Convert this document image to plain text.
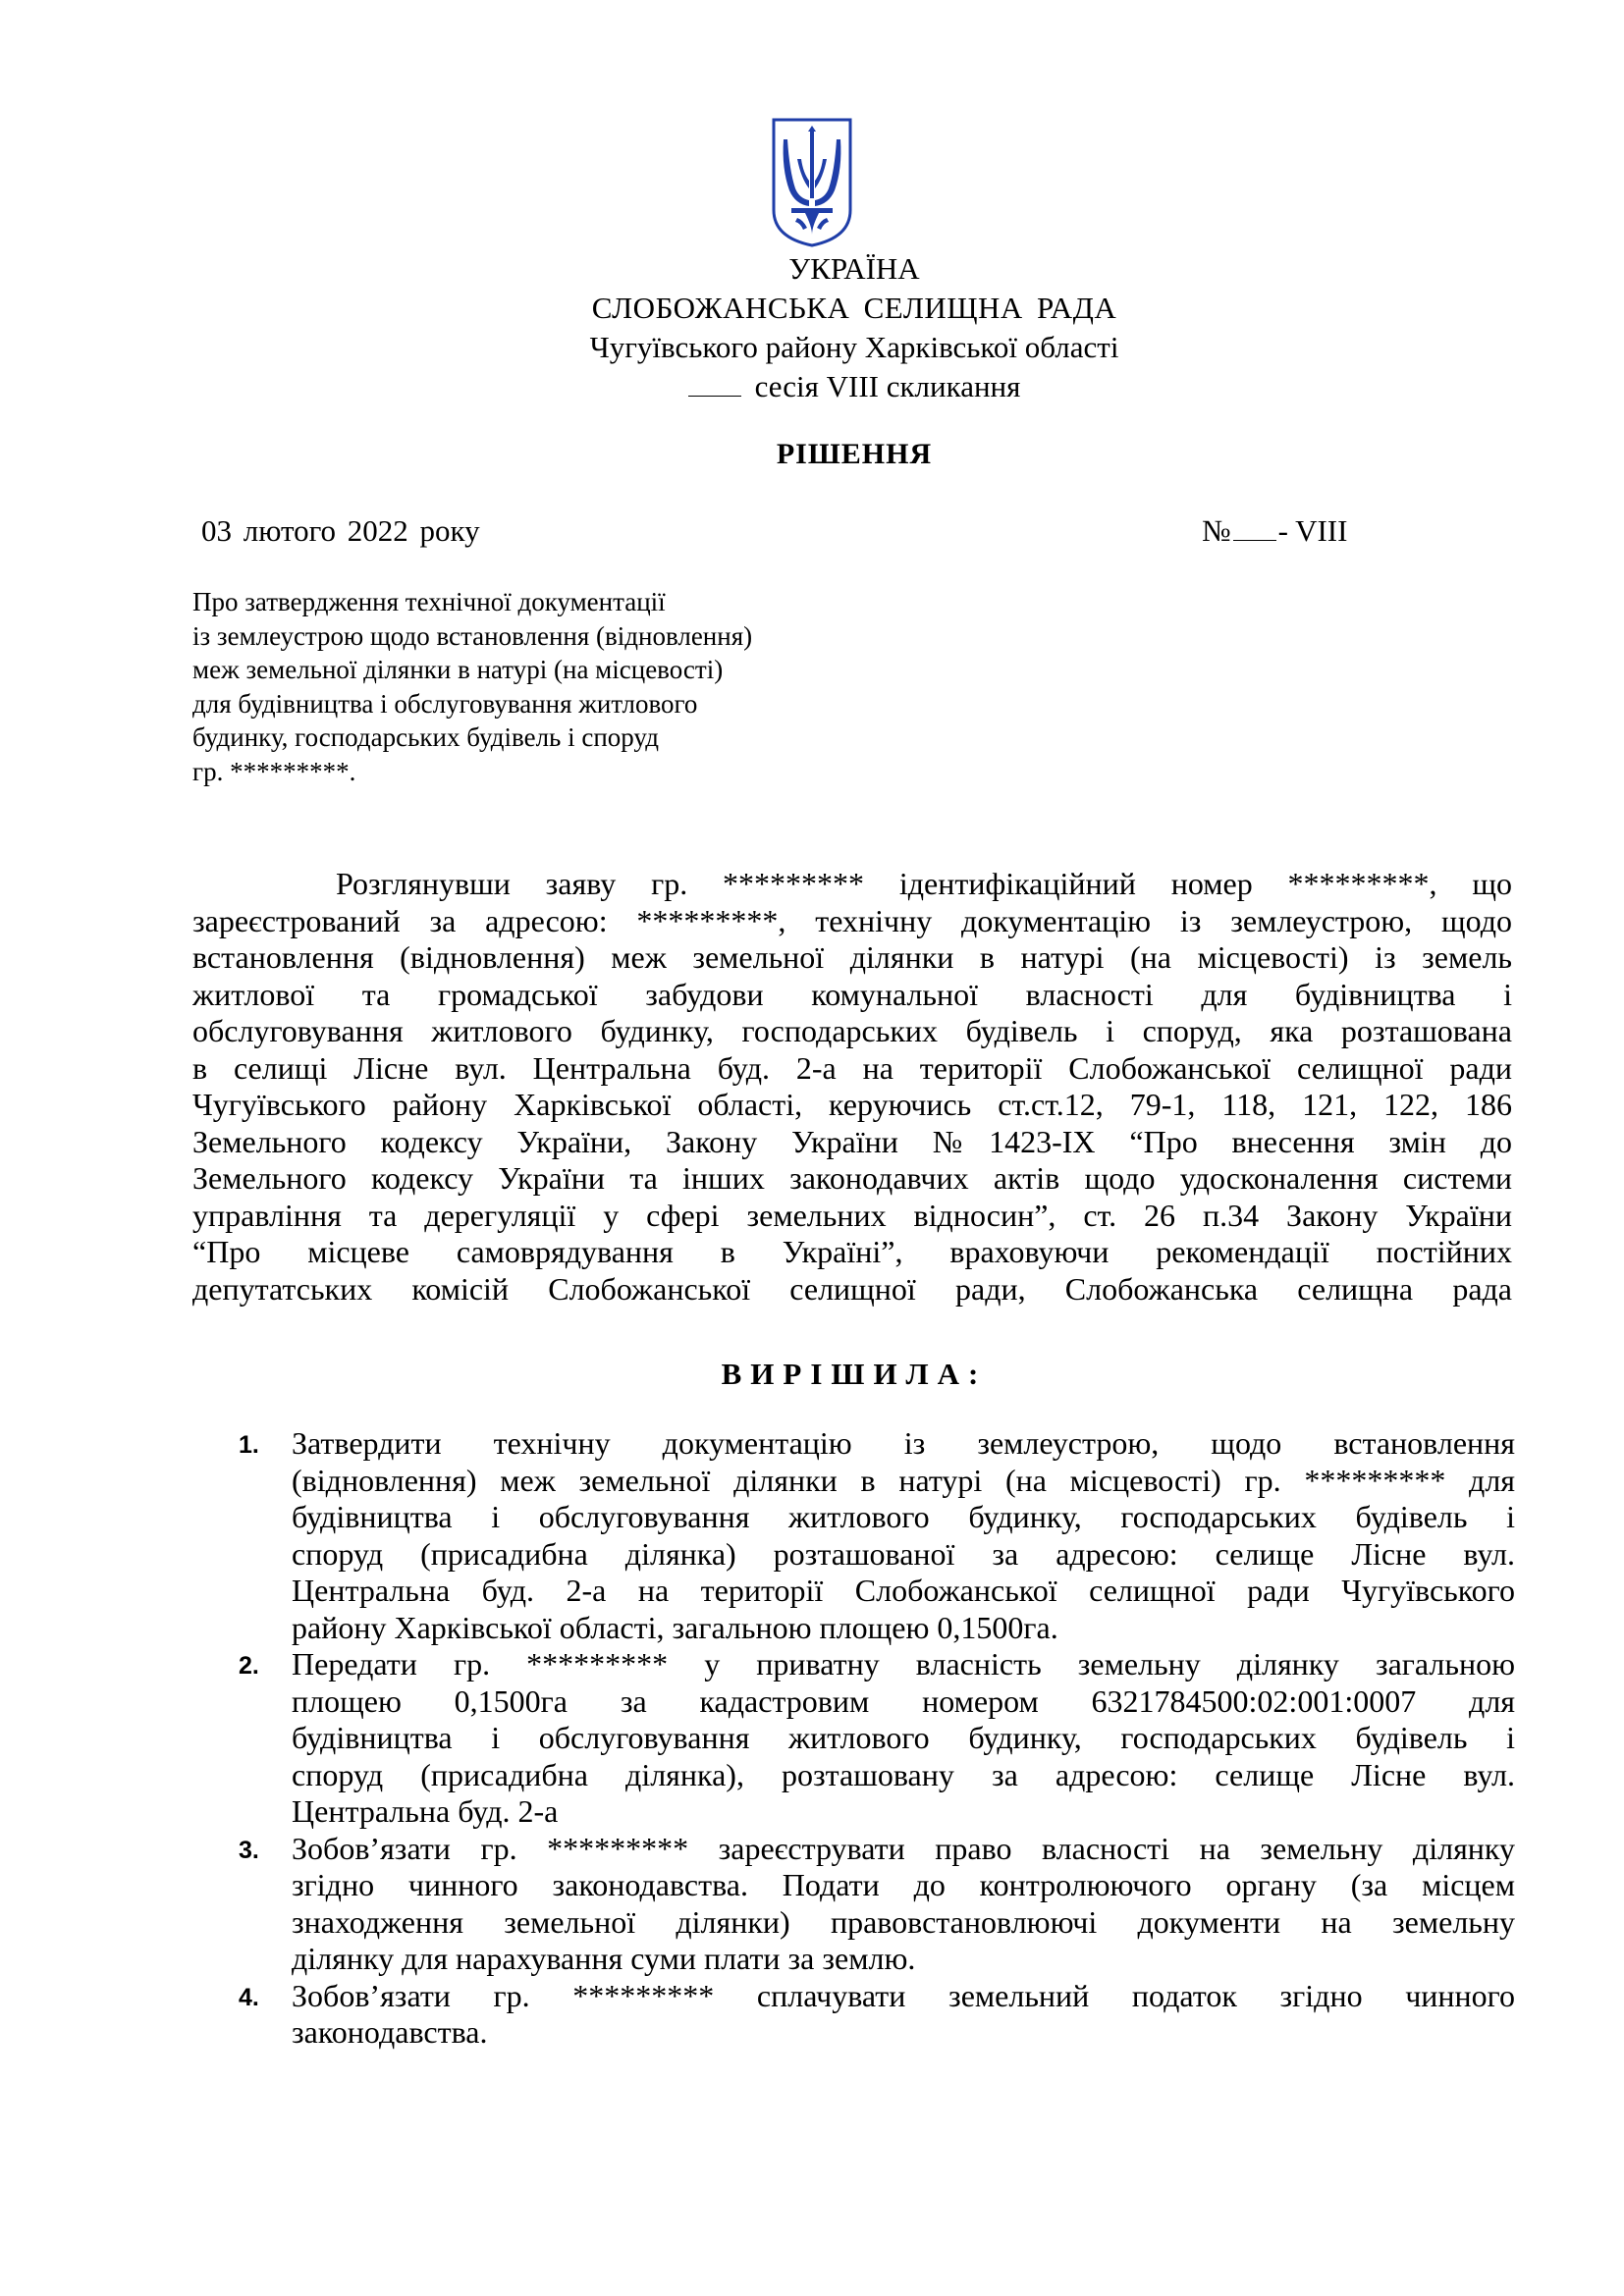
УКРАЇНА
СЛОБОЖАНСЬКА СЕЛИЩНА РАДА
Чугуївського району Харківської області
сесія VIII скликання
РІШЕННЯ
03 лютого 2022 року	№ - VIII
Про затвердження технічної документації
із землеустрою щодо встановлення (відновлення)
меж земельної ділянки в натурі (на місцевості)
для будівництва і обслуговування житлового
будинку, господарських будівель і споруд
гр. *********.
Розглянувши заяву гр. ********* ідентифікаційний номер *********, що
зареєстрований за адресою: *********, технічну документацію із землеустрою, щодо
встановлення (відновлення) меж земельної ділянки в натурі (на місцевості) із земель
житлової та громадської забудови комунальної власності для будівництва і
обслуговування житлового будинку, господарських будівель і споруд, яка розташована
в селищі Лісне вул. Центральна буд. 2-а на території Слобожанської селищної ради
Чугуївського району Харківської області, керуючись ст.ст.12, 79-1, 118, 121, 122, 186
Земельного кодексу України, Закону України №1423-IX “Про внесення змін до
Земельного кодексу України та інших законодавчих актів щодо удосконалення системи
управління та дерегуляції у сфері земельних відносин”, ст. 26 п.34 Закону України
“Про місцеве самоврядування в Україні”, враховуючи рекомендації постійних
депутатських комісій Слобожанської селищної ради, Слобожанська селищна рада
ВИРІШИЛА:
1.	Затвердити технічну документацію із землеустрою, щодо встановлення
(відновлення) меж земельної ділянки в натурі (на місцевості) гр. ********* для
будівництва і обслуговування житлового будинку, господарських будівель і
споруд (присадибна ділянка) розташованої за адресою: селище Лісне вул.
Центральна буд. 2-а на території Слобожанської селищної ради Чугуївського
району Харківської області, загальною площею 0,1500га.
2.	Передати гр. ********* у приватну власність земельну ділянку загальною
площею 0,1500га за кадастровим номером 6321784500:02:001:0007 для
будівництва і обслуговування житлового будинку, господарських будівель і
споруд (присадибна ділянка), розташовану за адресою: селище Лісне вул.
Центральна буд. 2-а
3.	Зобов’язати гр. ********* зареєструвати право власності на земельну ділянку
згідно чинного законодавства. Подати до контролюючого органу (за місцем
знаходження земельної ділянки) правовстановлюючі документи на земельну
ділянку для нарахування суми плати за землю.
4.	Зобов’язати гр. ********* сплачувати земельний податок згідно чинного
законодавства.
